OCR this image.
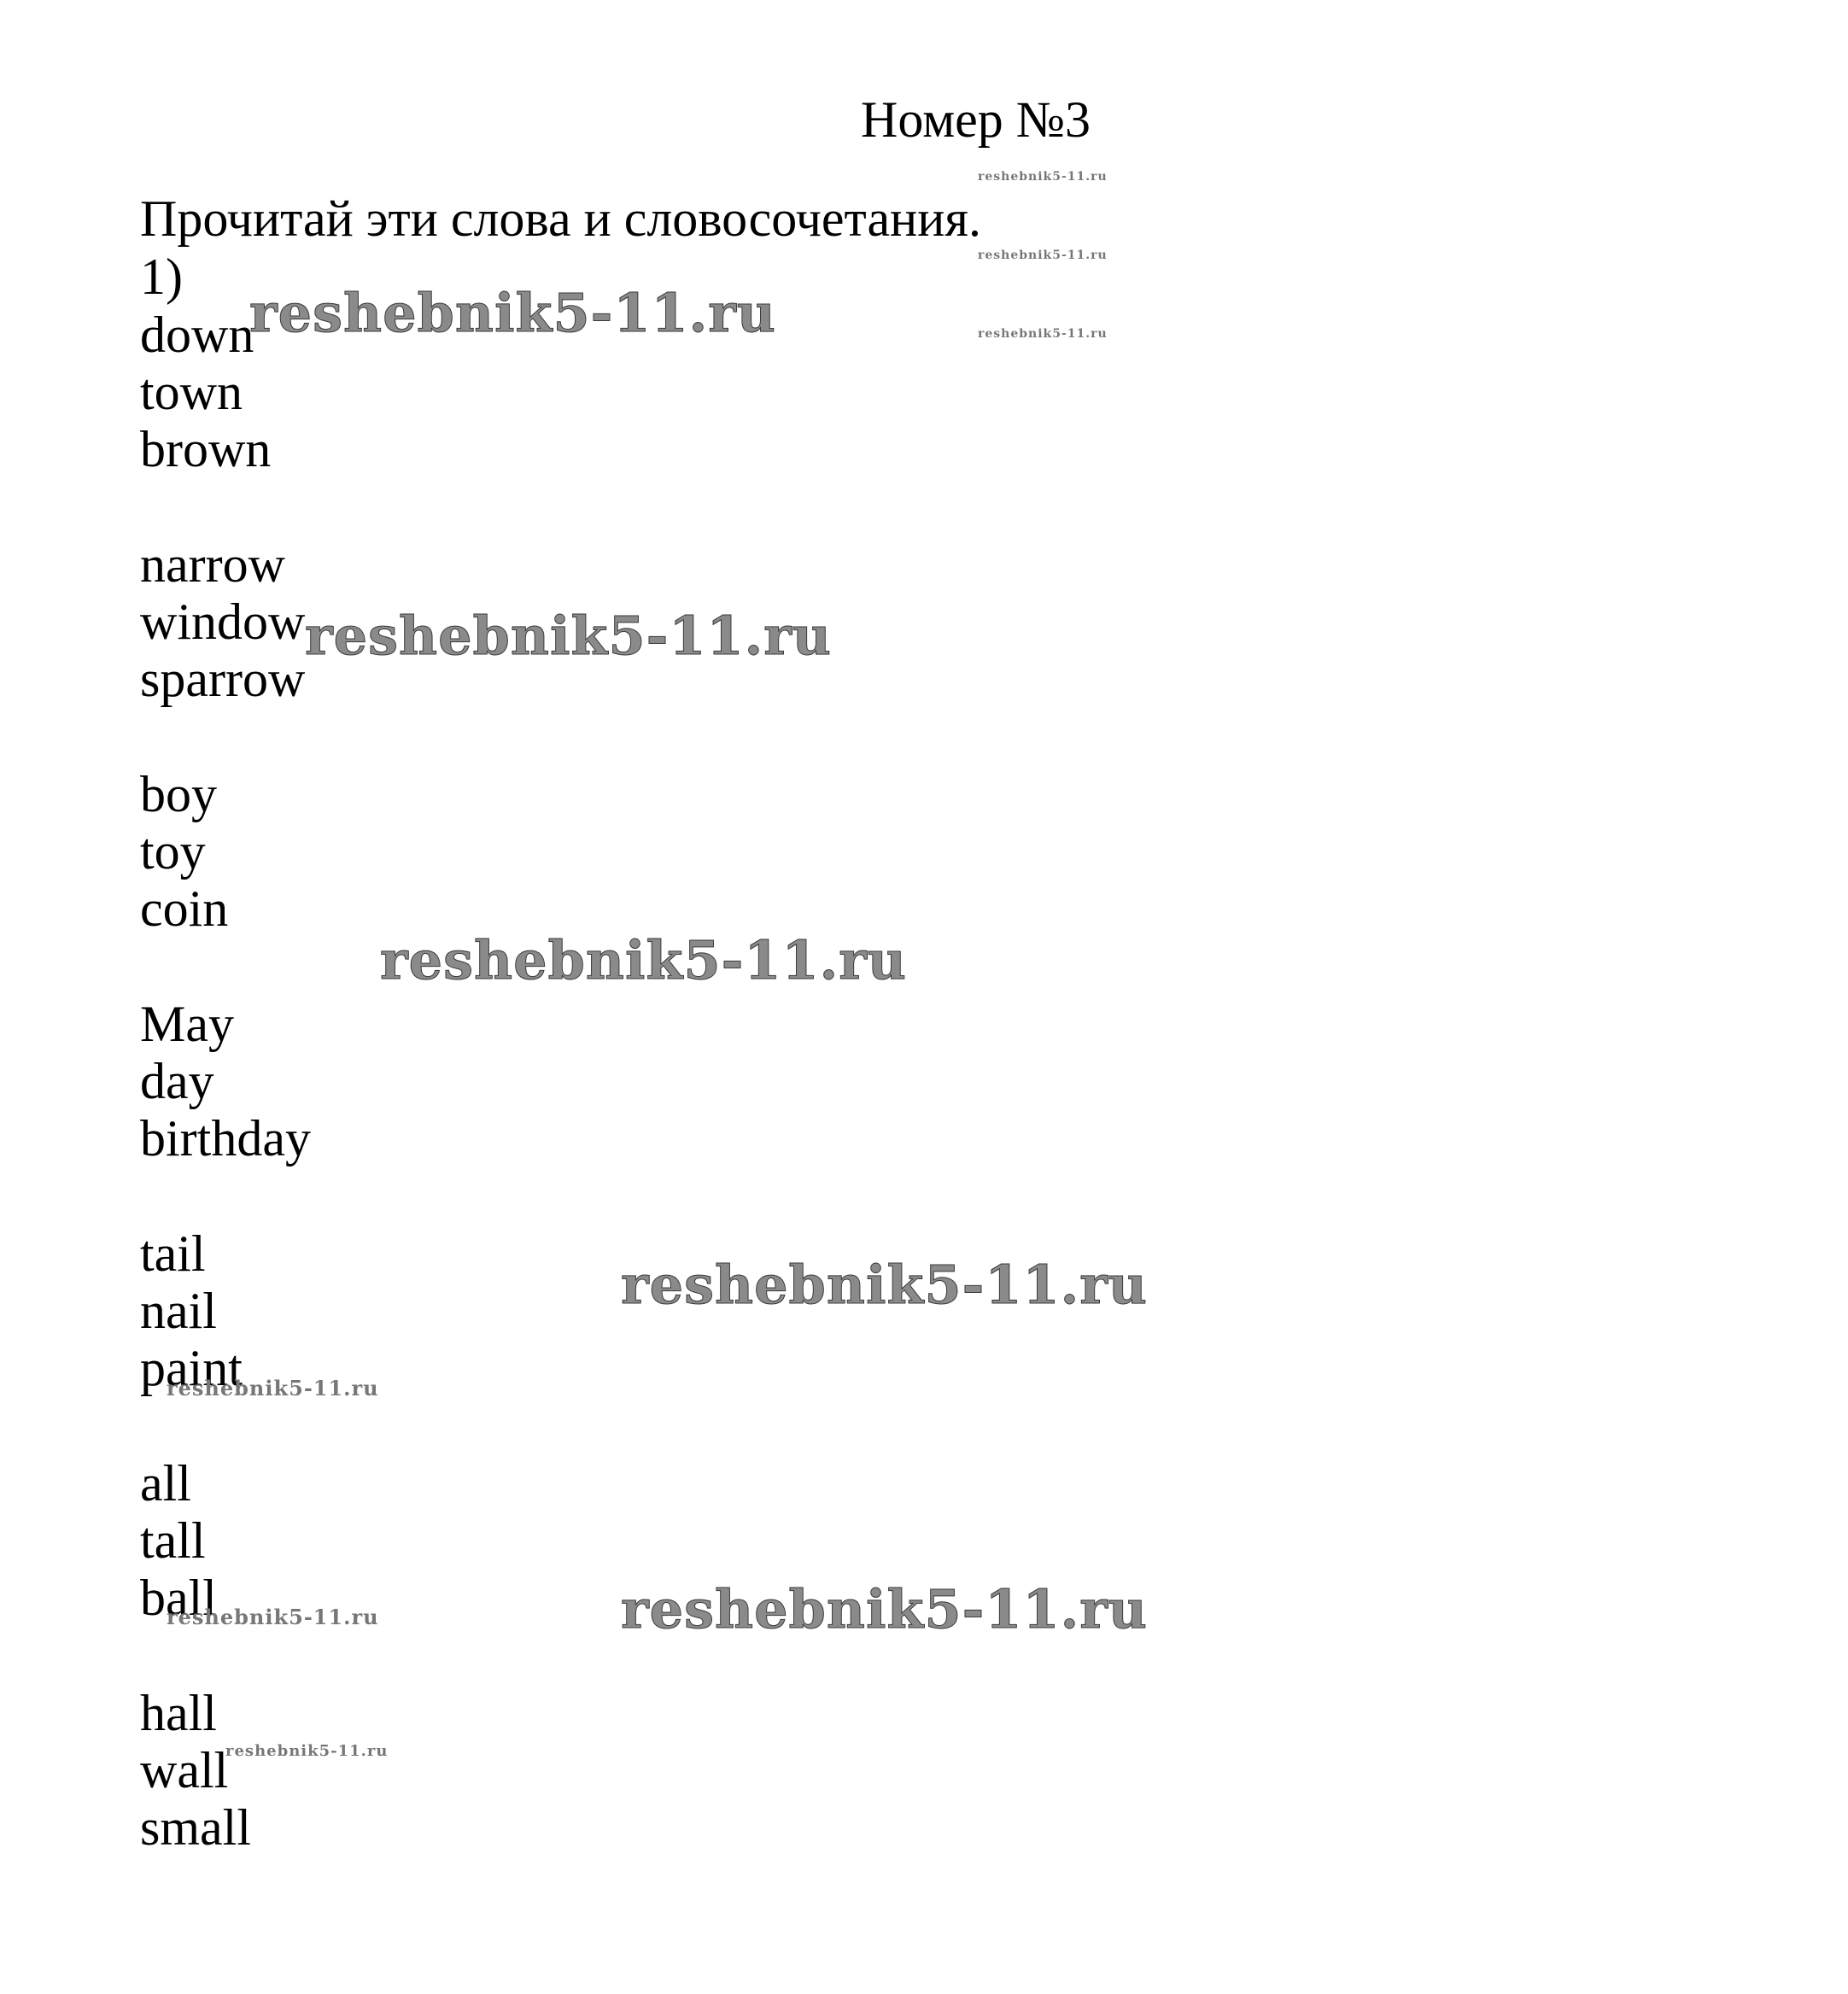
Номер №3
Прочитай эти слова и словосочетания.
1)
down
town
brown
narrow
window
sparrow
boy
toy
coin
May
day
birthday
tail
nail
paint
all
tall
ball
hall
wall
small
reshebnik5-11.ru
reshebnik5-11.ru
reshebnik5-11.ru
reshebnik5-11.ru
reshebnik5-11.ru
reshebnik5-11.ru
reshebnik5-11.ru
reshebnik5-11.ru
reshebnik5-11.ru
reshebnik5-11.ru
reshebnik5-11.ru
